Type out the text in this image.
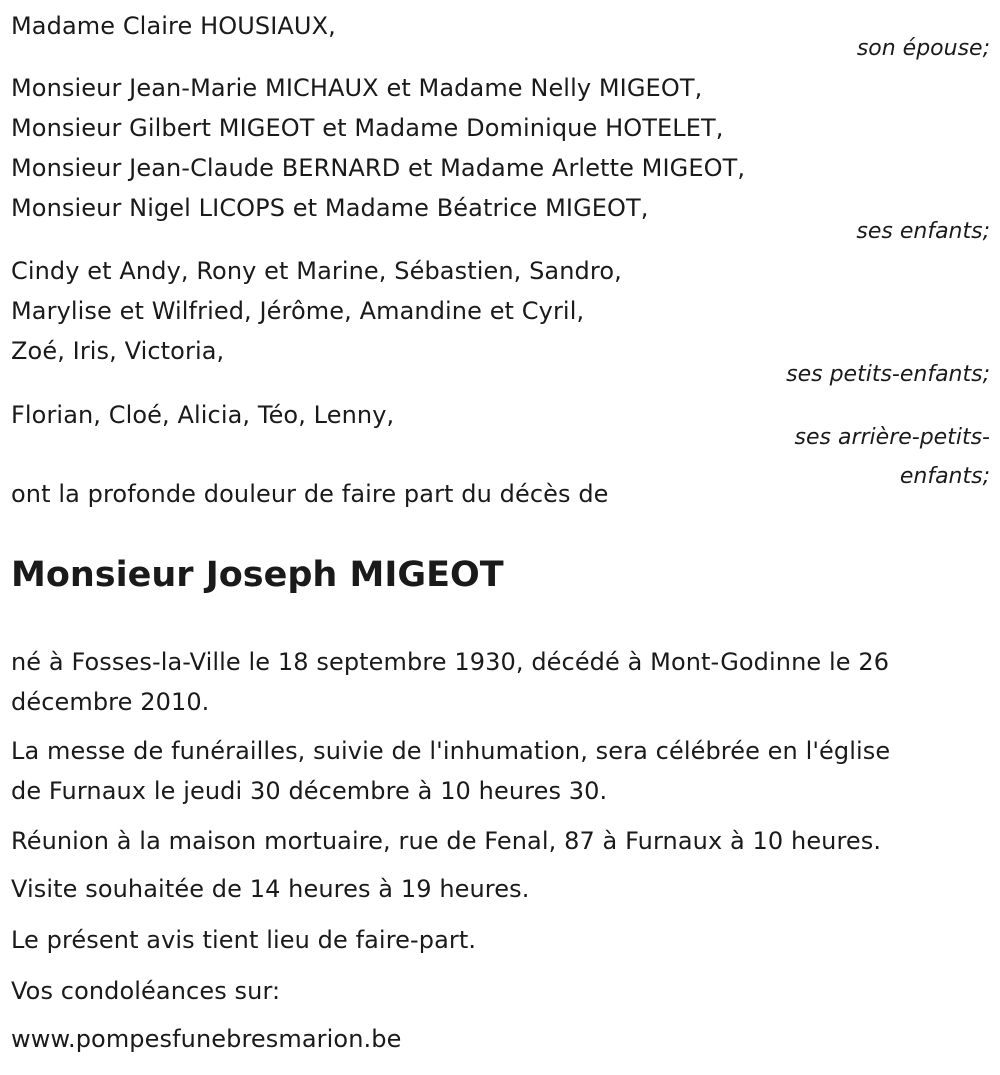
Madame Claire HOUSIAUX,
son épouse;
Monsieur Jean-Marie MICHAUX et Madame Nelly MIGEOT,
Monsieur Gilbert MIGEOT et Madame Dominique HOTELET,
Monsieur Jean-Claude BERNARD et Madame Arlette MIGEOT,
Monsieur Nigel LICOPS et Madame Béatrice MIGEOT,
ses enfants;
Cindy et Andy, Rony et Marine, Sébastien, Sandro,
Marylise et Wilfried, Jérôme, Amandine et Cyril,
Zoé, Iris, Victoria,
ses petits-enfants;
Florian, Cloé, Alicia, Téo, Lenny,
ses arrière-petits-
enfants;
ont la profonde douleur de faire part du décès de
Monsieur Joseph MIGEOT
né à Fosses-la-Ville le 18 septembre 1930, décédé à Mont-Godinne le 26
décembre 2010.
La messe de funérailles, suivie de l'inhumation, sera célébrée en l'église
de Furnaux le jeudi 30 décembre à 10 heures 30.
Réunion à la maison mortuaire, rue de Fenal, 87 à Furnaux à 10 heures.
Visite souhaitée de 14 heures à 19 heures.
Le présent avis tient lieu de faire-part.
Vos condoléances sur:
www.pompesfunebresmarion.be
